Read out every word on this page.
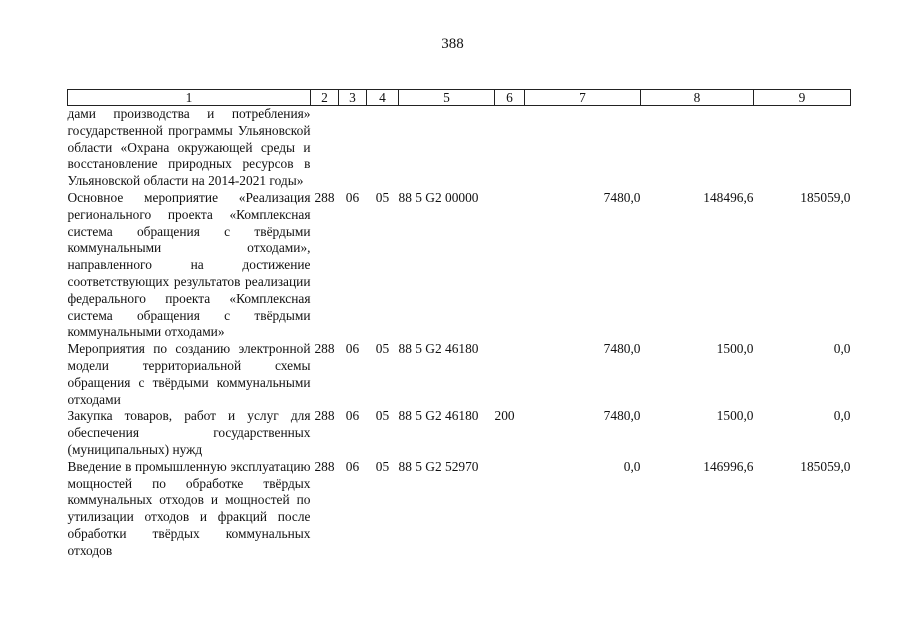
388
1	2	3	4	5	6	7	8	9
дами производства и потребления» государственной программы Ульяновской области «Охрана окружающей среды и восстановление природных ресурсов в Ульяновской области на 2014-2021 годы»								
Основное мероприятие «Реализация регионального проекта «Комплексная система обращения с твёрдыми коммунальными отходами», направленного на достижение соответствующих результатов реализации федерального проекта «Комплексная система обращения с твёрдыми коммунальными отходами»	288	06	05	88 5 G2 00000		7480,0	148496,6	185059,0
Мероприятия по созданию электронной модели территориальной схемы обращения с твёрдыми коммунальными отходами	288	06	05	88 5 G2 46180		7480,0	1500,0	0,0
Закупка товаров, работ и услуг для обеспечения государственных (муниципальных) нужд	288	06	05	88 5 G2 46180	200	7480,0	1500,0	0,0
Введение в промышленную эксплуатацию мощностей по обработке твёрдых коммунальных отходов и мощностей по утилизации отходов и фракций после обработки твёрдых коммунальных отходов	288	06	05	88 5 G2 52970		0,0	146996,6	185059,0
